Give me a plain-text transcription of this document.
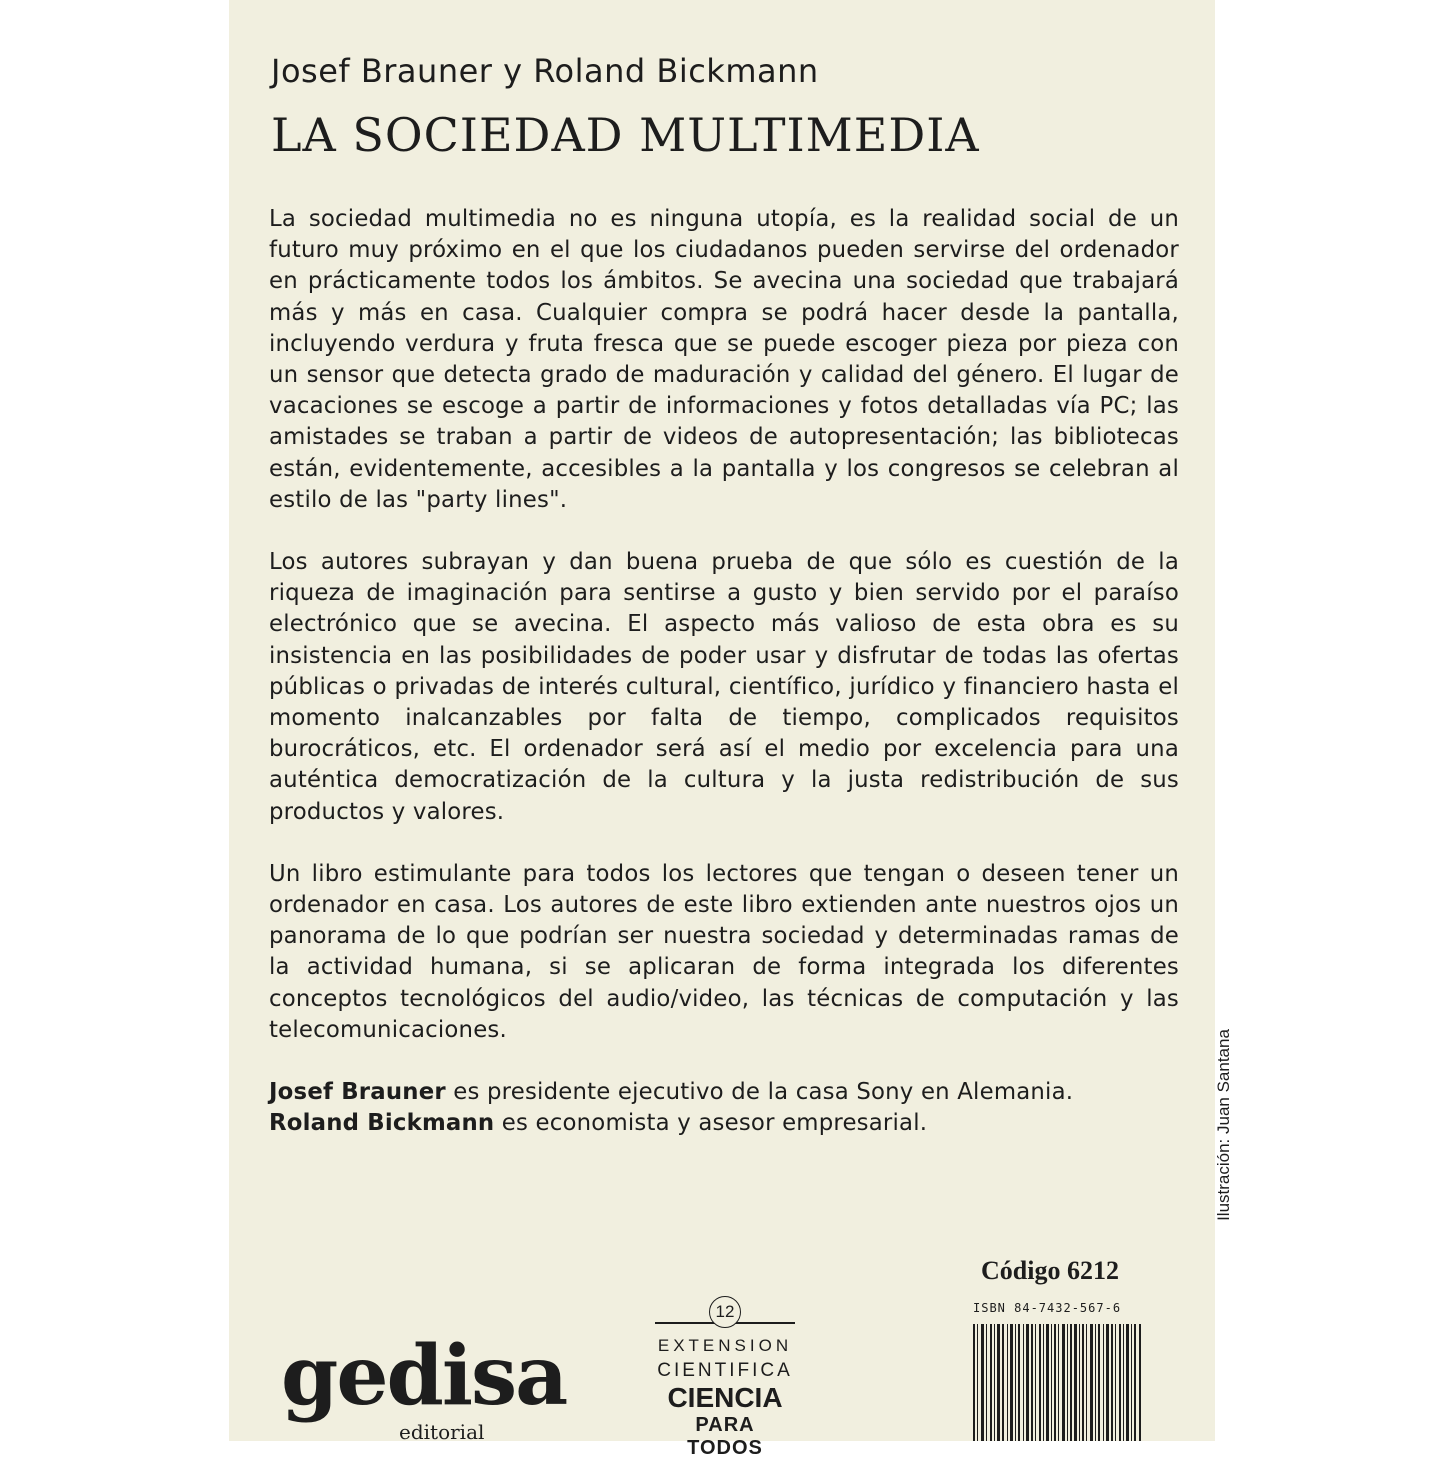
Josef Brauner y Roland Bickmann
LA SOCIEDAD MULTIMEDIA

La sociedad multimedia no es ninguna utopía, es la realidad social de un futuro muy próximo en el que los ciudadanos pueden servirse del ordenador en prácticamente todos los ámbitos. Se avecina una sociedad que trabajará más y más en casa. Cualquier compra se podrá hacer desde la pantalla, incluyendo verdura y fruta fresca que se puede escoger pieza por pieza con un sensor que detecta grado de maduración y calidad del género. El lugar de vacaciones se escoge a partir de informaciones y fotos detalladas vía PC; las amistades se traban a partir de videos de autopresentación; las bibliotecas están, evidentemente, accesibles a la pantalla y los congresos se celebran al estilo de las "party lines".

Los autores subrayan y dan buena prueba de que sólo es cuestión de la riqueza de imaginación para sentirse a gusto y bien servido por el paraíso electrónico que se avecina. El aspecto más valioso de esta obra es su insistencia en las posibilidades de poder usar y disfrutar de todas las ofertas públicas o privadas de interés cultural, científico, jurídico y financiero hasta el momento inalcanzables por falta de tiempo, complicados requisitos burocráticos, etc. El ordenador será así el medio por excelencia para una auténtica democratización de la cultura y la justa redistribución de sus productos y valores.

Un libro estimulante para todos los lectores que tengan o deseen tener un ordenador en casa. Los autores de este libro extienden ante nuestros ojos un panorama de lo que podrían ser nuestra sociedad y determinadas ramas de la actividad humana, si se aplicaran de forma integrada los diferentes conceptos tecnológicos del audio/video, las técnicas de computación y las telecomunicaciones.

Josef Brauner es presidente ejecutivo de la casa Sony en Alemania.
Roland Bickmann es economista y asesor empresarial.	Ilustración: Juan Santana
Código 6212
ISBN 84-7432-567-6
gedisa
editorial
12
EXTENSION
CIENTIFICA
CIENCIA
PARA TODOS
